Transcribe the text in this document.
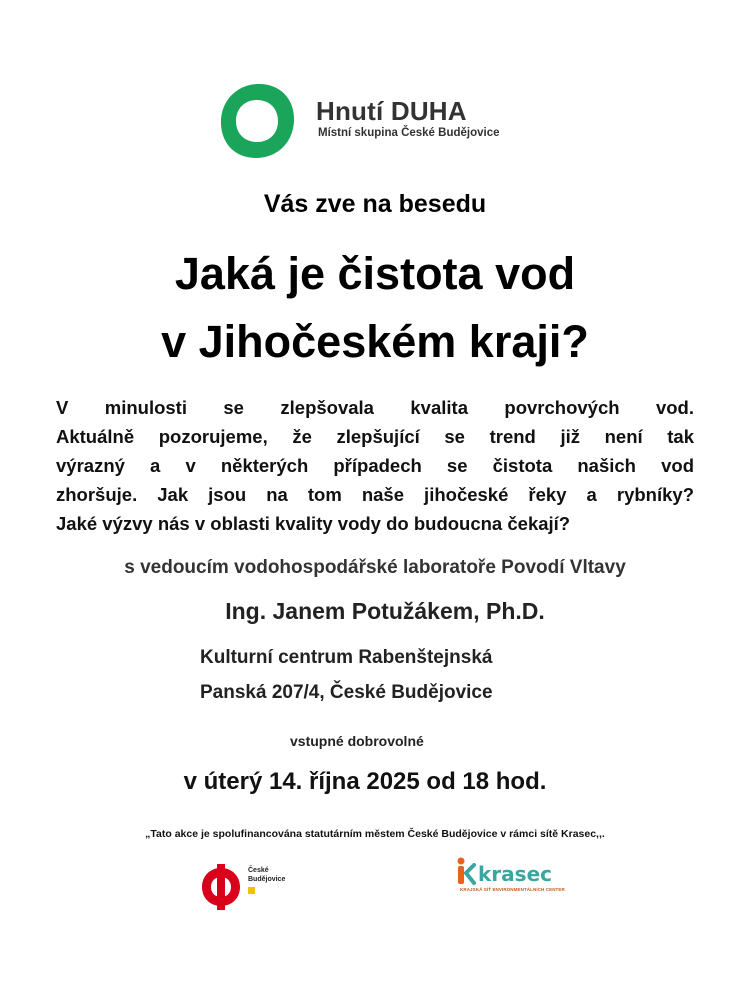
Hnutí DUHA
Místní skupina České Budějovice
Vás zve na besedu
Jaká je čistota vod
v Jihočeském kraji?
V minulosti se zlepšovala kvalita povrchových vod.
Aktuálně pozorujeme, že zlepšující se trend již není tak
výrazný a v některých případech se čistota našich vod
zhoršuje. Jak jsou na tom naše jihočeské řeky a rybníky?
Jaké výzvy nás v oblasti kvality vody do budoucna čekají?
s vedoucím vodohospodářské laboratoře Povodí Vltavy
Ing. Janem Potužákem, Ph.D.
Kulturní centrum Rabenštejnská
Panská 207/4, České Budějovice
vstupné dobrovolné
v úterý 14. října 2025 od 18 hod.
„Tato akce je spolufinancována statutárním městem České Budějovice v rámci sítě Krasec,,.
České
Budějovice	krasec
KRAJSKÁ SÍŤ ENVIRONMENTÁLNÍCH CENTER
